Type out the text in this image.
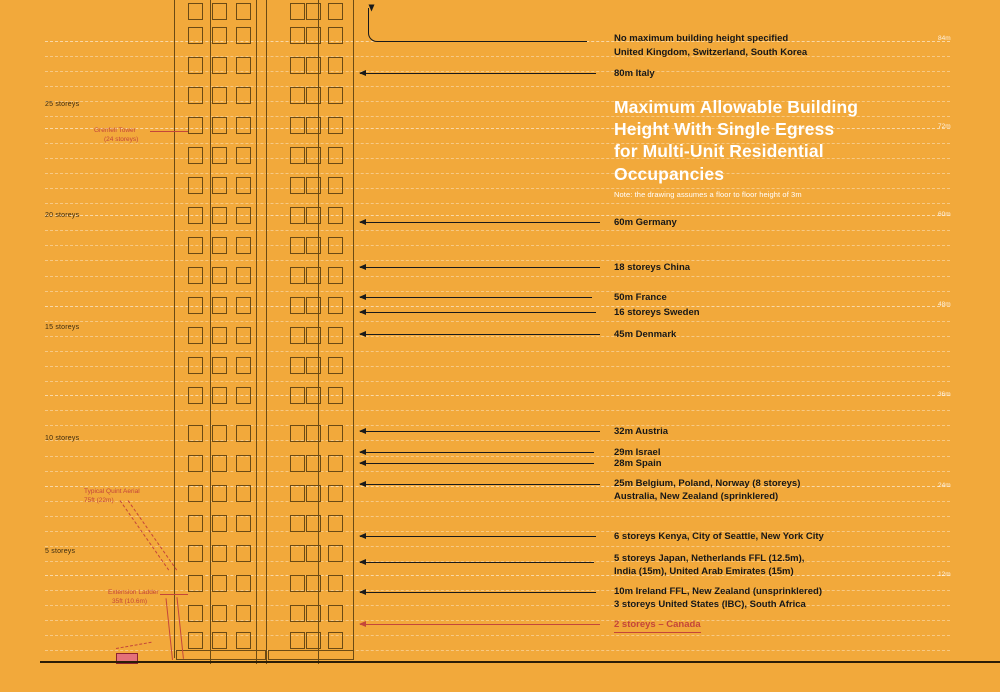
25 storeys
20 storeys
15 storeys
10 storeys
5 storeys
84m
72m
60m
48m
36m
24m
12m
Grenfell Tower
(24 storeys)
Typical Quint Aerial
75ft (22m)
Extension Ladder
35ft (10.6m)
No maximum building height specified
United Kingdom, Switzerland, South Korea
80m Italy
60m Germany
18 storeys China
50m France
16 storeys Sweden
45m Denmark
32m Austria
29m Israel
28m Spain
25m Belgium, Poland, Norway (8 storeys)
Australia, New Zealand (sprinklered)
6 storeys Kenya, City of Seattle, New York City
5 storeys Japan, Netherlands FFL (12.5m),
India (15m), United Arab Emirates (15m)
10m Ireland FFL, New Zealand (unsprinklered)
3 storeys United States (IBC), South Africa
2 storeys – Canada
Maximum Allowable Building
Height With Single Egress
for Multi-Unit Residential
Occupancies
Note: the drawing assumes a floor to floor height of 3m
